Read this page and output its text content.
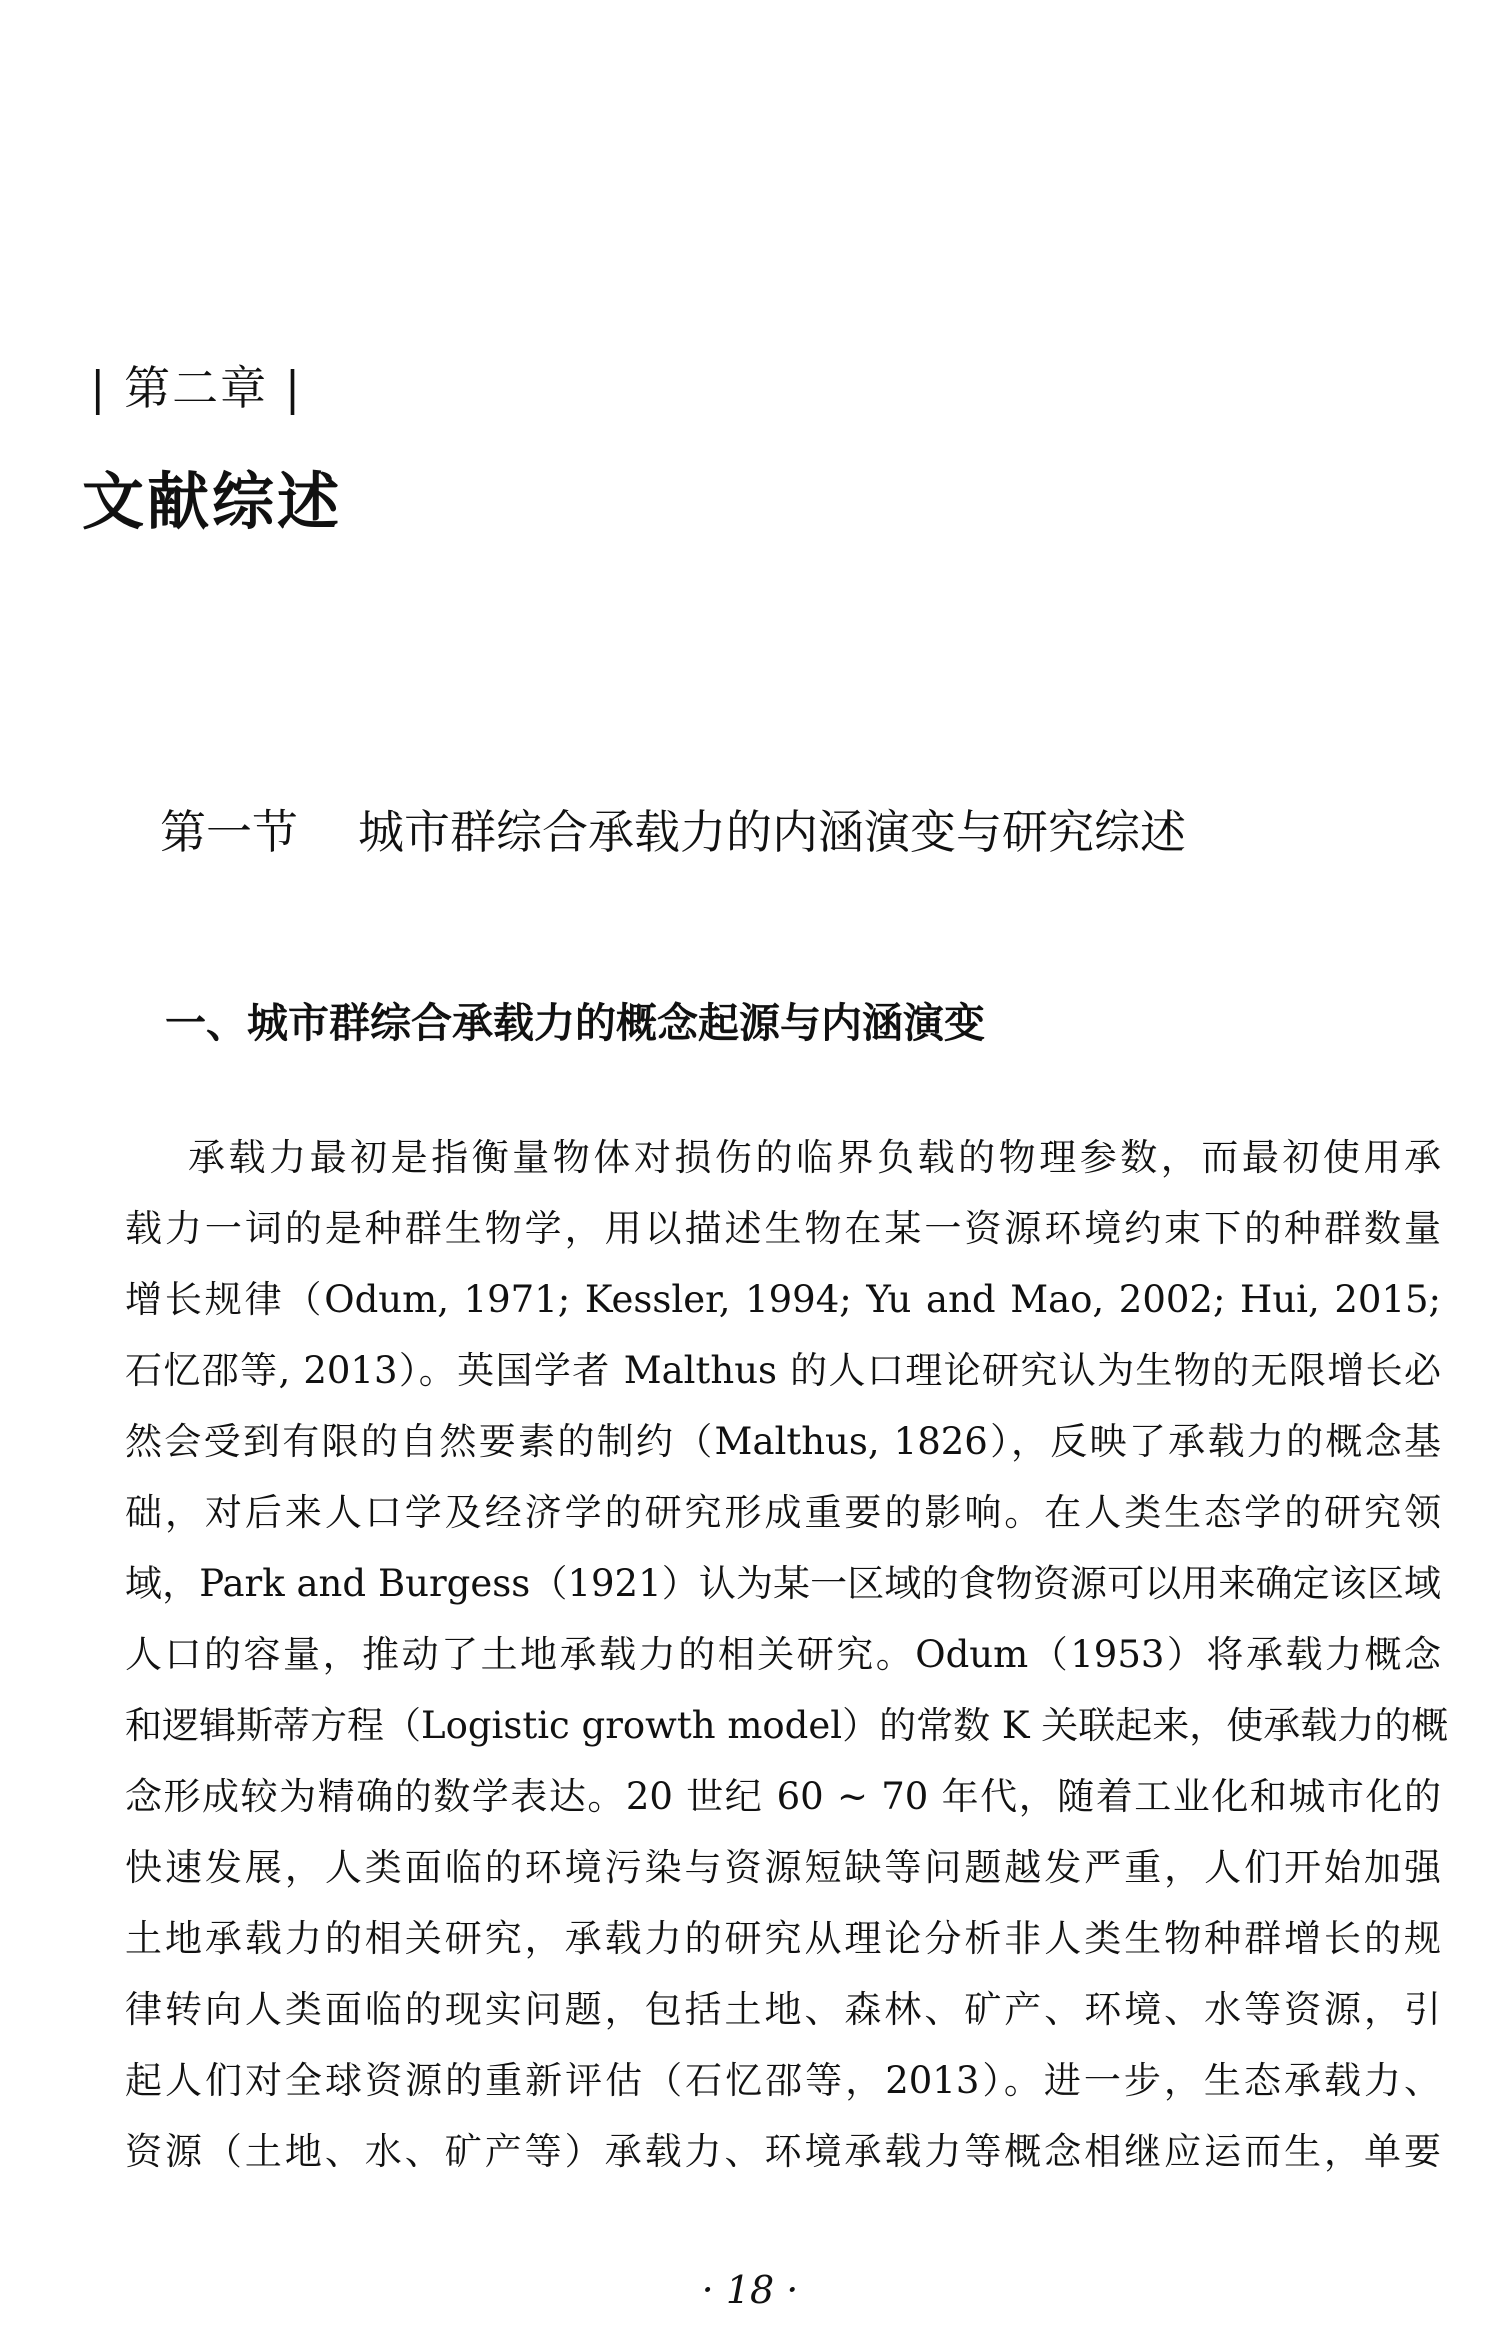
| 第二章 |
文献综述
第一节 城市群综合承载力的内涵演变与研究综述
一、城市群综合承载力的概念起源与内涵演变
承载力最初是指衡量物体对损伤的临界负载的物理参数，而最初使用承
载力一词的是种群生物学，用以描述生物在某一资源环境约束下的种群数量
增长规律（Odum, 1971; Kessler, 1994; Yu and Mao, 2002; Hui, 2015;
石忆邵等, 2013）。英国学者 Malthus 的人口理论研究认为生物的无限增长必
然会受到有限的自然要素的制约（Malthus, 1826），反映了承载力的概念基
础，对后来人口学及经济学的研究形成重要的影响。在人类生态学的研究领
域，Park and Burgess（1921）认为某一区域的食物资源可以用来确定该区域
人口的容量，推动了土地承载力的相关研究。Odum（1953）将承载力概念
和逻辑斯蒂方程（Logistic growth model）的常数 K 关联起来，使承载力的概
念形成较为精确的数学表达。20 世纪 60 ~ 70 年代，随着工业化和城市化的
快速发展，人类面临的环境污染与资源短缺等问题越发严重，人们开始加强
土地承载力的相关研究，承载力的研究从理论分析非人类生物种群增长的规
律转向人类面临的现实问题，包括土地、森林、矿产、环境、水等资源，引
起人们对全球资源的重新评估（石忆邵等，2013）。进一步，生态承载力、
资源（土地、水、矿产等）承载力、环境承载力等概念相继应运而生，单要
· 18 ·
